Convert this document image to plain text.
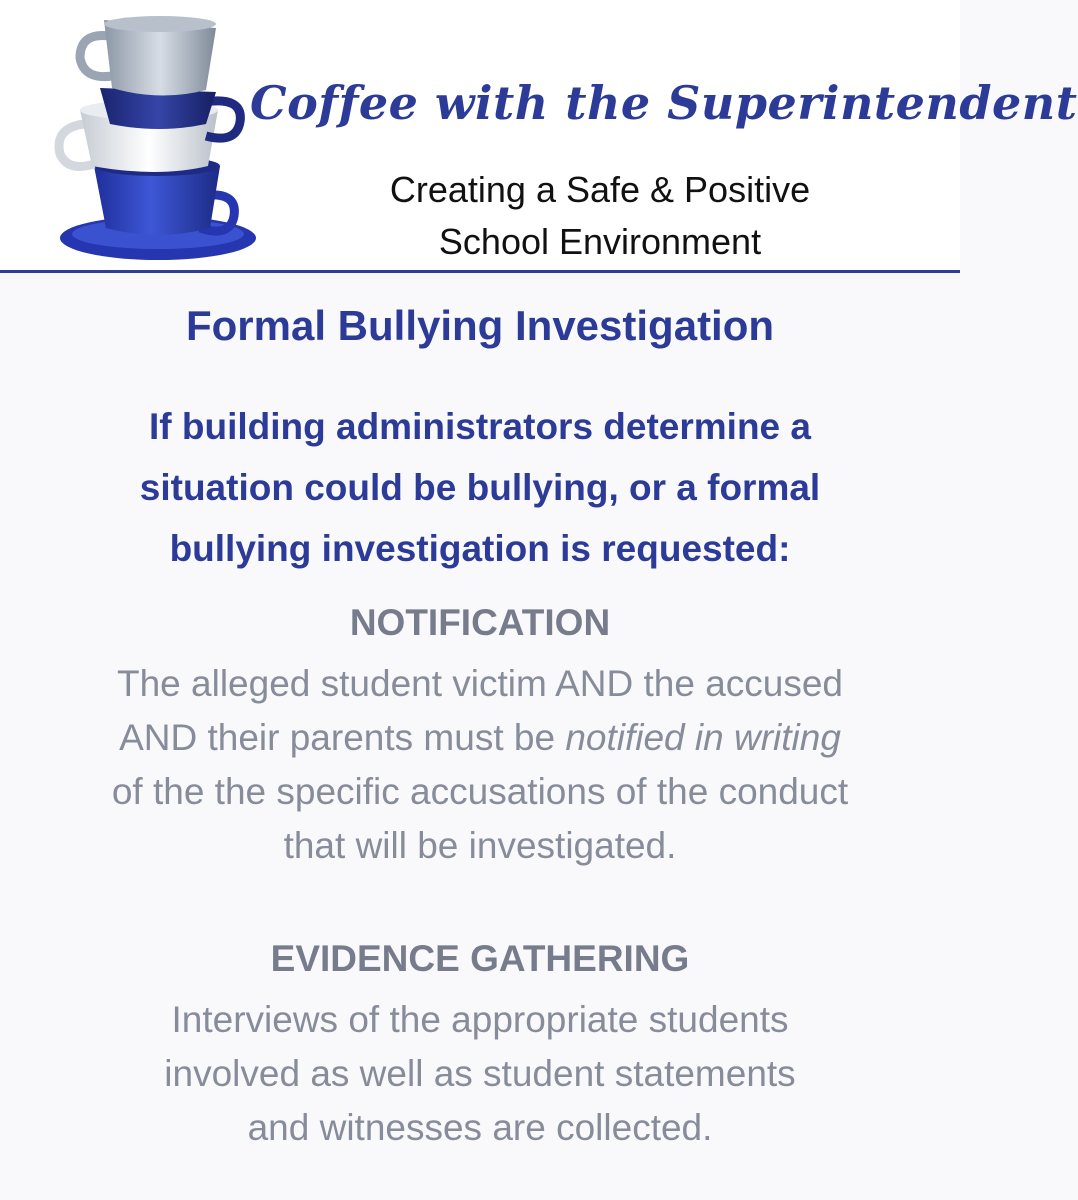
Coffee with the Superintendent
Creating a Safe & Positive
School Environment
Formal Bullying Investigation
If building administrators determine a
situation could be bullying, or a formal
bullying investigation is requested:
NOTIFICATION
The alleged student victim AND the accused
AND their parents must be notified in writing
of the the specific accusations of the conduct
that will be investigated.
EVIDENCE GATHERING
Interviews of the appropriate students
involved as well as student statements
and witnesses are collected.
